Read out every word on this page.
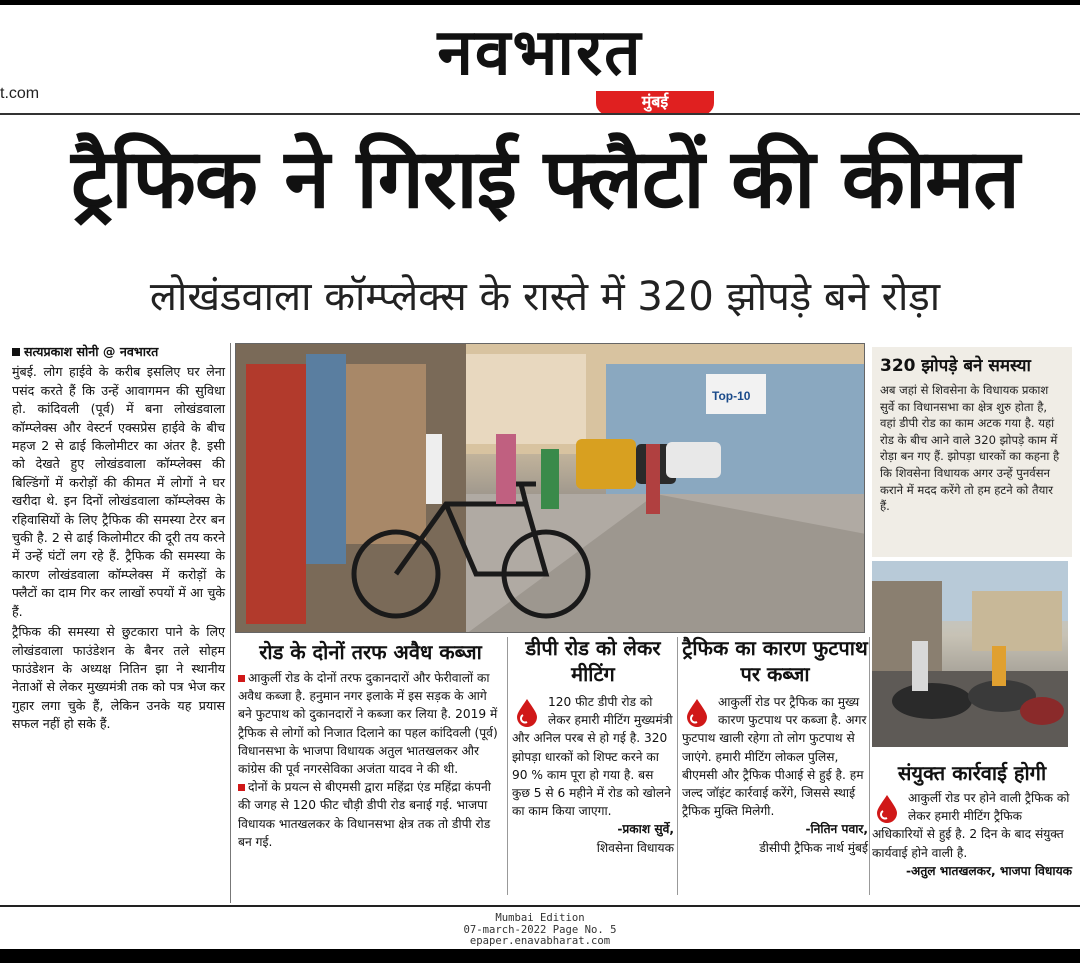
t.com
नवभारत
मुंबई
ट्रैफिक ने गिराई फ्लैटों की कीमत
लोखंडवाला कॉम्प्लेक्स के रास्ते में 320 झोपड़े बने रोड़ा

सत्यप्रकाश सोनी @ नवभारत

मुंबई. लोग हाईवे के करीब इसलिए घर लेना पसंद करते हैं कि उन्हें आवागमन की सुविधा हो. कांदिवली (पूर्व) में बना लोखंडवाला कॉम्प्लेक्स और वेस्टर्न एक्सप्रेस हाईवे के बीच महज 2 से ढाई किलोमीटर का अंतर है. इसी को देखते हुए लोखंडवाला कॉम्प्लेक्स की बिल्डिंगों में करोड़ों की कीमत में लोगों ने घर खरीदा थे. इन दिनों लोखंडवाला कॉम्प्लेक्स के रहिवासियों के लिए ट्रैफिक की समस्या टेरर बन चुकी है. 2 से ढाई किलोमीटर की दूरी तय करने में उन्हें घंटों लग रहे हैं. ट्रैफिक की समस्या के कारण लोखंडवाला कॉम्प्लेक्स में करोड़ों के फ्लैटों का दाम गिर कर लाखों रुपयों में आ चुके हैं.

ट्रैफिक की समस्या से छुटकारा पाने के लिए लोखंडवाला फाउंडेशन के बैनर तले सोहम फाउंडेशन के अध्यक्ष नितिन झा ने स्थानीय नेताओं से लेकर मुख्यमंत्री तक को पत्र भेज कर गुहार लगा चुके हैं, लेकिन उनके यह प्रयास सफल नहीं हो सके हैं.

Top-10
320 झोपड़े बने समस्या

अब जहां से शिवसेना के विधायक प्रकाश सुर्वे का विधानसभा का क्षेत्र शुरु होता है, वहां डीपी रोड का काम अटक गया है. यहां रोड के बीच आने वाले 320 झोपड़े काम में रोड़ा बन गए हैं. झोपड़ा धारकों का कहना है कि शिवसेना विधायक अगर उन्हें पुनर्वसन कराने में मदद करेंगे तो हम हटने को तैयार हैं.

रोड के दोनों तरफ अवैध कब्जा

आकुर्ली रोड के दोनों तरफ दुकानदारों और फेरीवालों का अवैध कब्जा है. हनुमान नगर इलाके में इस सड़क के आगे बने फुटपाथ को दुकानदारों ने कब्जा कर लिया है. 2019 में ट्रैफिक से लोगों को निजात दिलाने का पहल कांदिवली (पूर्व) विधानसभा के भाजपा विधायक अतुल भातखलकर और कांग्रेस की पूर्व नगरसेविका अजंता यादव ने की थी.

दोनों के प्रयत्न से बीएमसी द्वारा महिंद्रा एंड महिंद्रा कंपनी की जगह से 120 फीट चौड़ी डीपी रोड बनाई गई. भाजपा विधायक भातखलकर के विधानसभा क्षेत्र तक तो डीपी रोड बन गई.

डीपी रोड को लेकर मीटिंग

120 फीट डीपी रोड को लेकर हमारी मीटिंग मुख्यमंत्री और अनिल परब से हो गई है. 320 झोपड़ा धारकों को शिफ्ट करने का 90 % काम पूरा हो गया है. बस कुछ 5 से 6 महीने में रोड को खोलने का काम किया जाएगा.

-प्रकाश सुर्वे,

शिवसेना विधायक

ट्रैफिक का कारण फुटपाथ पर कब्जा

आकुर्ली रोड पर ट्रैफिक का मुख्य कारण फुटपाथ पर कब्जा है. अगर फुटपाथ खाली रहेगा तो लोग फुटपाथ से जाएंगे. हमारी मीटिंग लोकल पुलिस, बीएमसी और ट्रैफिक पीआई से हुई है. हम जल्द जॉइंट कार्रवाई करेंगे, जिससे स्थाई ट्रैफिक मुक्ति मिलेगी.

-नितिन पवार,

डीसीपी ट्रैफिक नार्थ मुंबई

संयुक्त कार्रवाई होगी

आकुर्ली रोड पर होने वाली ट्रैफिक को लेकर हमारी मीटिंग ट्रैफिक अधिकारियों से हुई है. 2 दिन के बाद संयुक्त कार्यवाई होने वाली है.

-अतुल भातखलकर, भाजपा विधायक

Mumbai Edition
07-march-2022 Page No. 5
epaper.enavabharat.com
